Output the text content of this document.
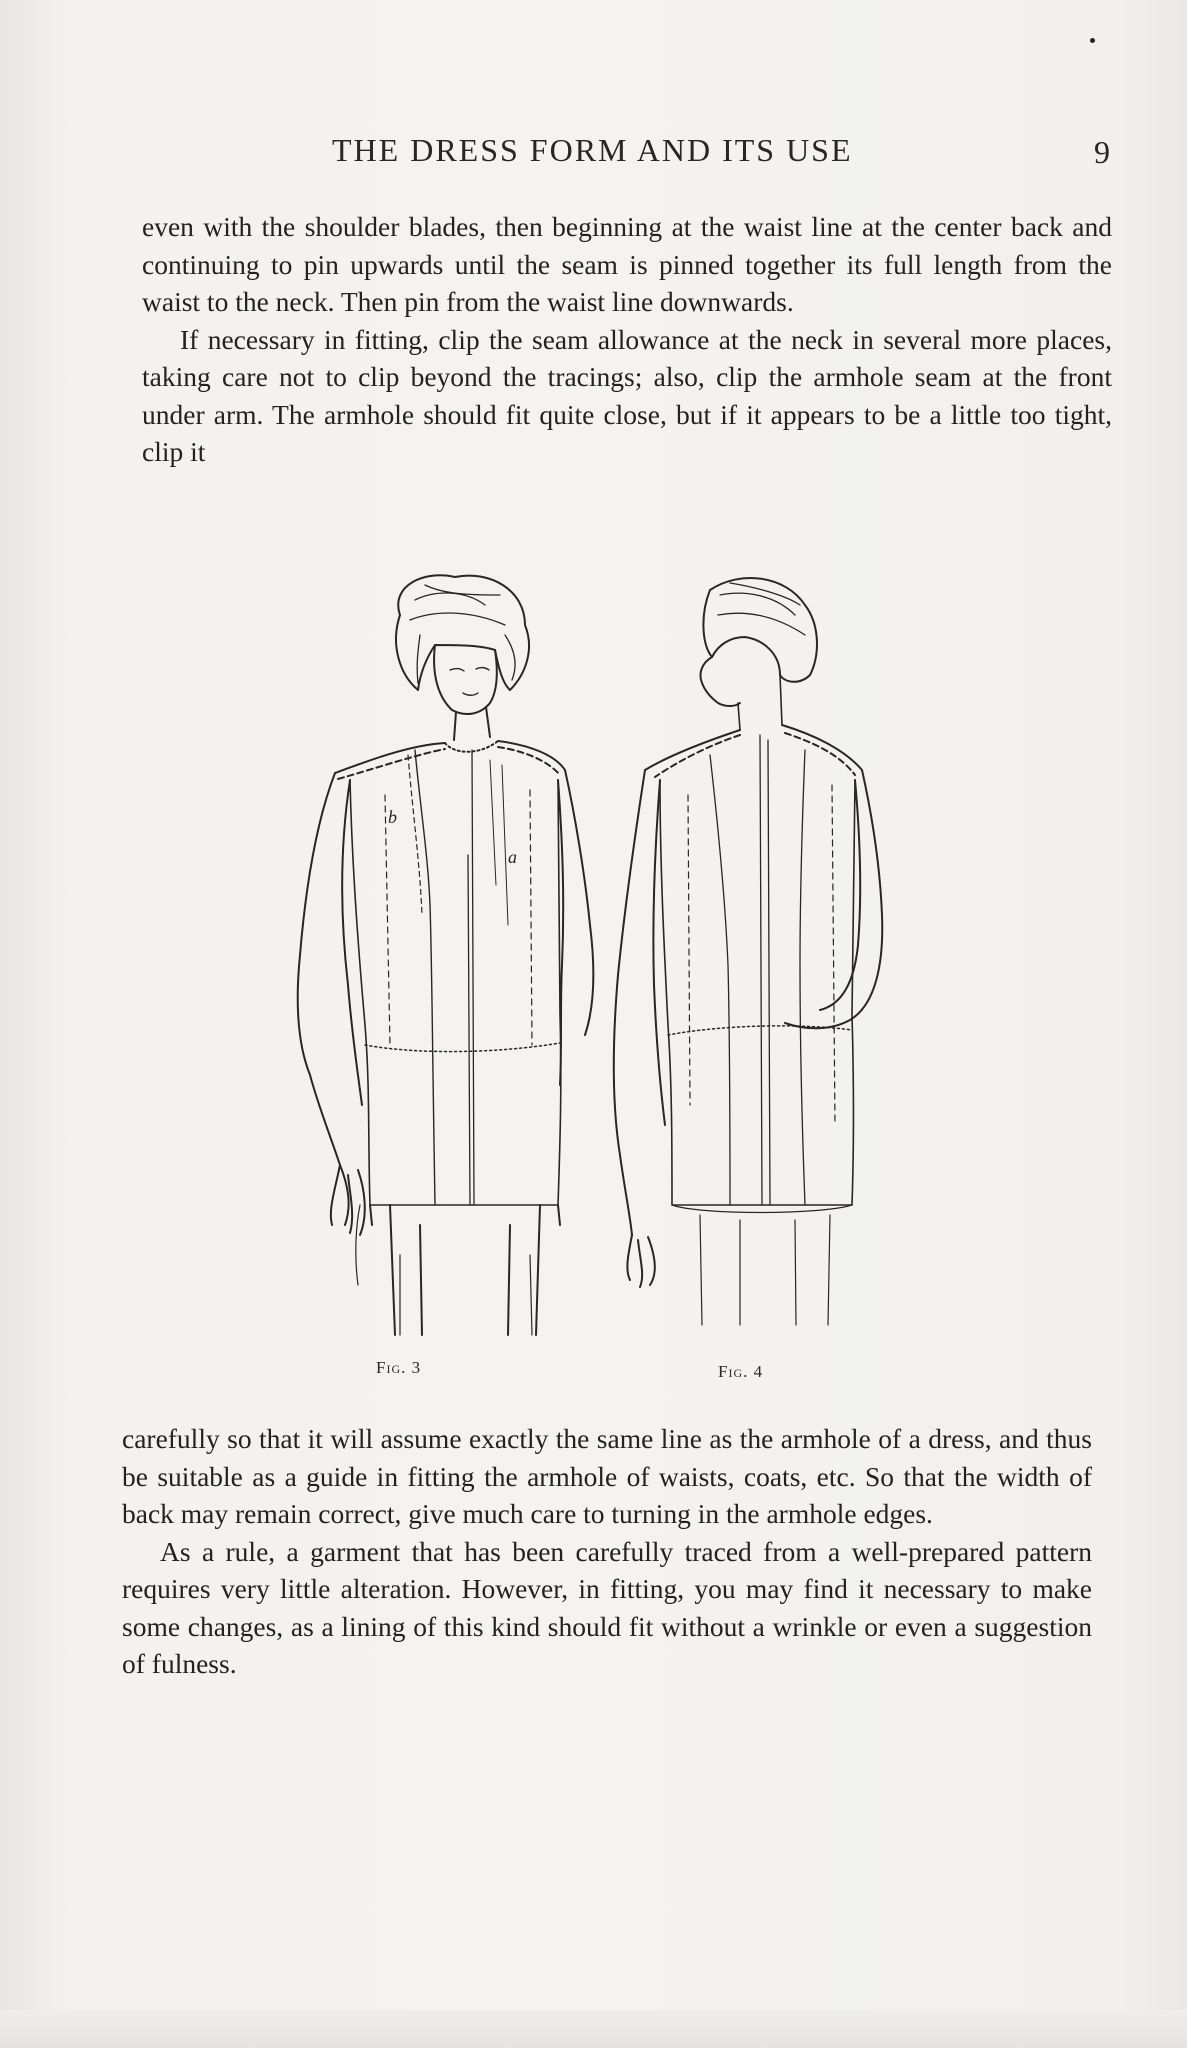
THE DRESS FORM AND ITS USE	9

even with the shoulder blades, then beginning at the waist line at the center back and continuing to pin upwards until the seam is pinned together its full length from the waist to the neck. Then pin from the waist line downwards.

If necessary in fitting, clip the seam allowance at the neck in several more places, taking care not to clip beyond the tracings; also, clip the armhole seam at the front under arm. The armhole should fit quite close, but if it appears to be a little too tight, clip it

b
a
Fig. 3	Fig. 4

carefully so that it will assume exactly the same line as the armhole of a dress, and thus be suitable as a guide in fitting the armhole of waists, coats, etc. So that the width of back may remain correct, give much care to turning in the armhole edges.

As a rule, a garment that has been carefully traced from a well-prepared pattern requires very little alteration. However, in fitting, you may find it necessary to make some changes, as a lining of this kind should fit without a wrinkle or even a suggestion of fulness.
